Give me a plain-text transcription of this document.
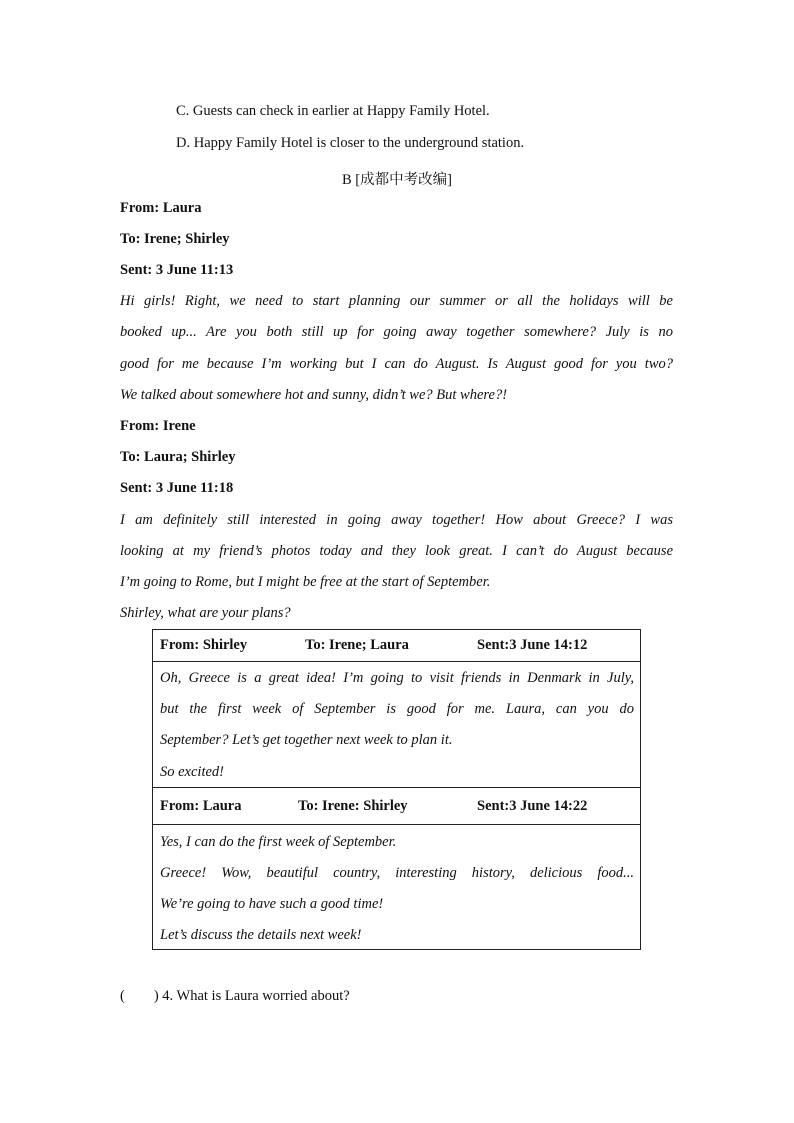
C. Guests can check in earlier at Happy Family Hotel.
D. Happy Family Hotel is closer to the underground station.
B [成都中考改编]
From: Laura
To: Irene; Shirley
Sent: 3 June 11:13
Hi girls! Right, we need to start planning our summer or all the holidays will be
booked up... Are you both still up for going away together somewhere? July is no
good for me because I’m working but I can do August. Is August good for you two?
We talked about somewhere hot and sunny, didn’t we? But where?!
From: Irene
To: Laura; Shirley
Sent: 3 June 11:18
I am definitely still interested in going away together! How about Greece? I was
looking at my friend’s photos today and they look great. I can’t do August because
I’m going to Rome, but I might be free at the start of September.
Shirley, what are your plans?
From: Shirley	To: Irene; Laura	Sent:3 June 14:12
Oh, Greece is a great idea! I’m going to visit friends in Denmark in July,
but the first week of September is good for me. Laura, can you do
September? Let’s get together next week to plan it.
So excited!
From: Laura	To: Irene: Shirley	Sent:3 June 14:22
Yes, I can do the first week of September.
Greece! Wow, beautiful country, interesting history, delicious food...
We’re going to have such a good time!
Let’s discuss the details next week!
(        ) 4. What is Laura worried about?
